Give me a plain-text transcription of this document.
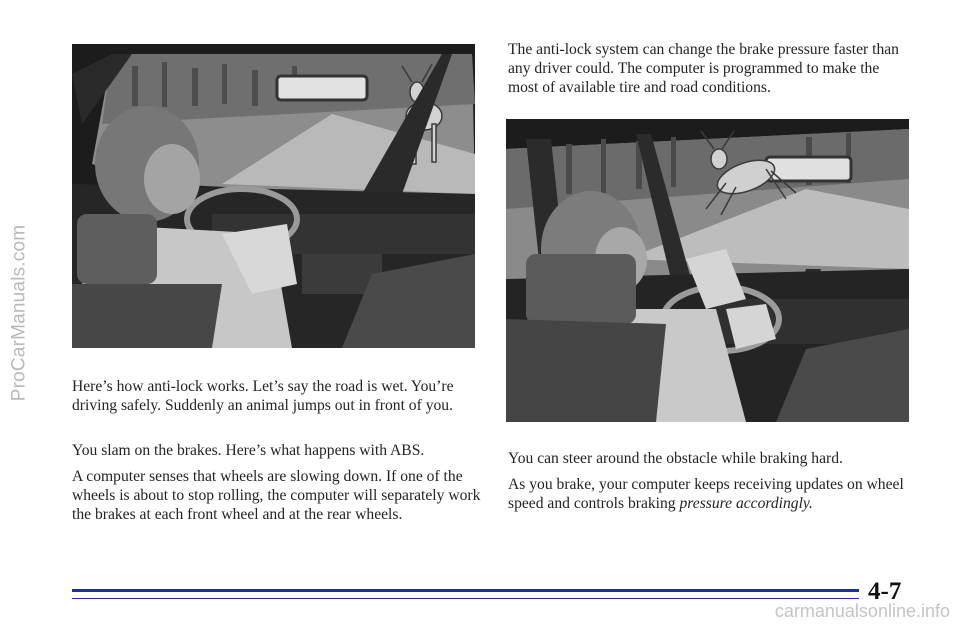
ProCarManuals.com	Here’s how anti-lock works. Let’s say the road is wet. You’re driving safely. Suddenly an animal jumps out in front of you.

You slam on the brakes. Here’s what happens with ABS.

A computer senses that wheels are slowing down. If one of the wheels is about to stop rolling, the computer will separately work the brakes at each front wheel and at the rear wheels.

The anti-lock system can change the brake pressure faster than any driver could. The computer is programmed to make the most of available tire and road conditions.

You can steer around the obstacle while braking hard.

As you brake, your computer keeps receiving updates on wheel speed and controls braking pressure accordingly.

4-7
carmanualsonline.info
